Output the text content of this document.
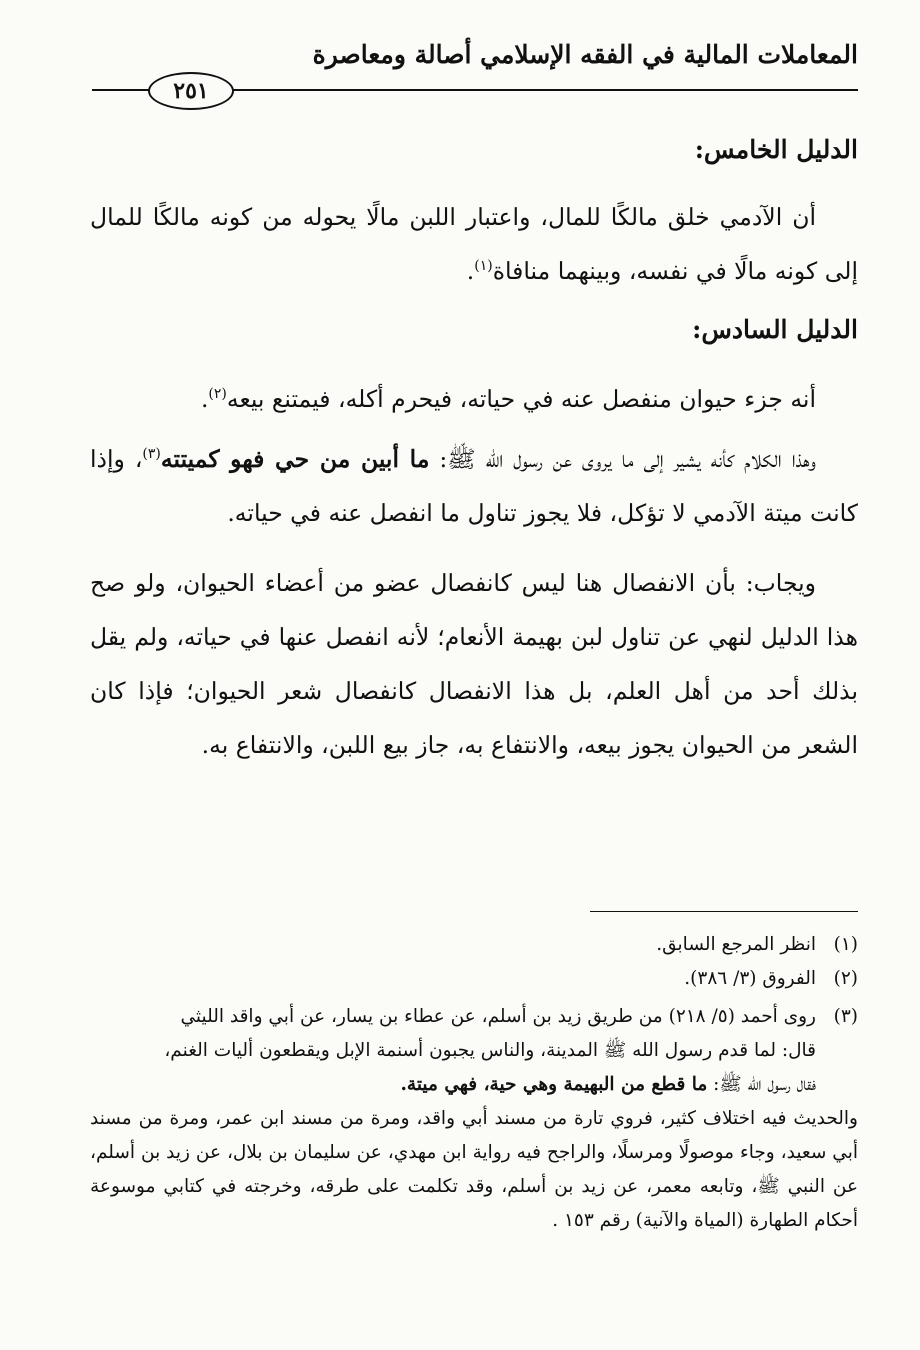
المعاملات المالية في الفقه الإسلامي أصالة ومعاصرة
٢٥١

الدليل الخامس:

أن الآدمي خلق مالكًا للمال، واعتبار اللبن مالًا يحوله من كونه مالكًا للمال إلى كونه مالًا في نفسه، وبينهما منافاة$^{(١)}$.

الدليل السادس:

أنه جزء حيوان منفصل عنه في حياته، فيحرم أكله، فيمتنع بيعه$^{(٢)}$.

وهذا الكلام كأنه يشير إلى ما يروى عن رسول الله ﷺ: ما أبين من حي فهو كميتته$^{(٣)}$، وإذا كانت ميتة الآدمي لا تؤكل، فلا يجوز تناول ما انفصل عنه في حياته.

ويجاب: بأن الانفصال هنا ليس كانفصال عضو من أعضاء الحيوان، ولو صح هذا الدليل لنهي عن تناول لبن بهيمة الأنعام؛ لأنه انفصل عنها في حياته، ولم يقل بذلك أحد من أهل العلم، بل هذا الانفصال كانفصال شعر الحيوان؛ فإذا كان الشعر من الحيوان يجوز بيعه، والانتفاع به، جاز بيع اللبن، والانتفاع به.

(١)
انظر المرجع السابق.
(٢)
الفروق (٣/ ٣٨٦).
(٣)
روى أحمد (٥/ ٢١٨) من طريق زيد بن أسلم، عن عطاء بن يسار، عن أبي واقد الليثي

قال: لما قدم رسول الله ﷺ المدينة، والناس يجبون أسنمة الإبل ويقطعون أليات الغنم،

فقال رسول الله ﷺ: ما قطع من البهيمة وهي حية، فهي ميتة.

والحديث فيه اختلاف كثير، فروي تارة من مسند أبي واقد، ومرة من مسند ابن عمر، ومرة من مسند أبي سعيد، وجاء موصولًا ومرسلًا، والراجح فيه رواية ابن مهدي، عن سليمان بن بلال، عن زيد بن أسلم، عن النبي ﷺ، وتابعه معمر، عن زيد بن أسلم، وقد تكلمت على طرقه، وخرجته في كتابي موسوعة أحكام الطهارة (المياة والآنية) رقم ١٥٣ .
